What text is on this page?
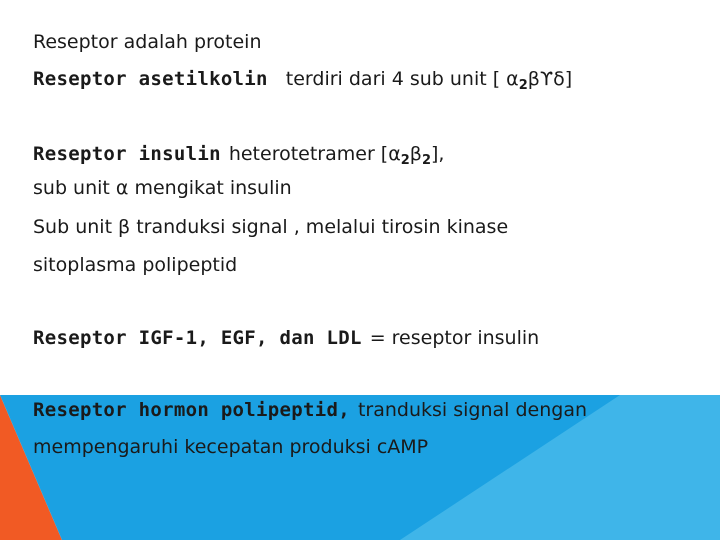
Reseptor adalah protein
Reseptor asetilkolin terdiri dari 4 sub unit [ $\alpha_2\beta ϒ\delta$]
Reseptor insulin heterotetramer $[\alpha_2\beta_2]$,
sub unit α mengikat insulin
Sub unit β tranduksi signal , melalui tirosin kinase
sitoplasma polipeptid
Reseptor IGF-1, EGF, dan LDL = reseptor insulin
Reseptor hormon polipeptid, tranduksi signal dengan
mempengaruhi kecepatan produksi cAMP
